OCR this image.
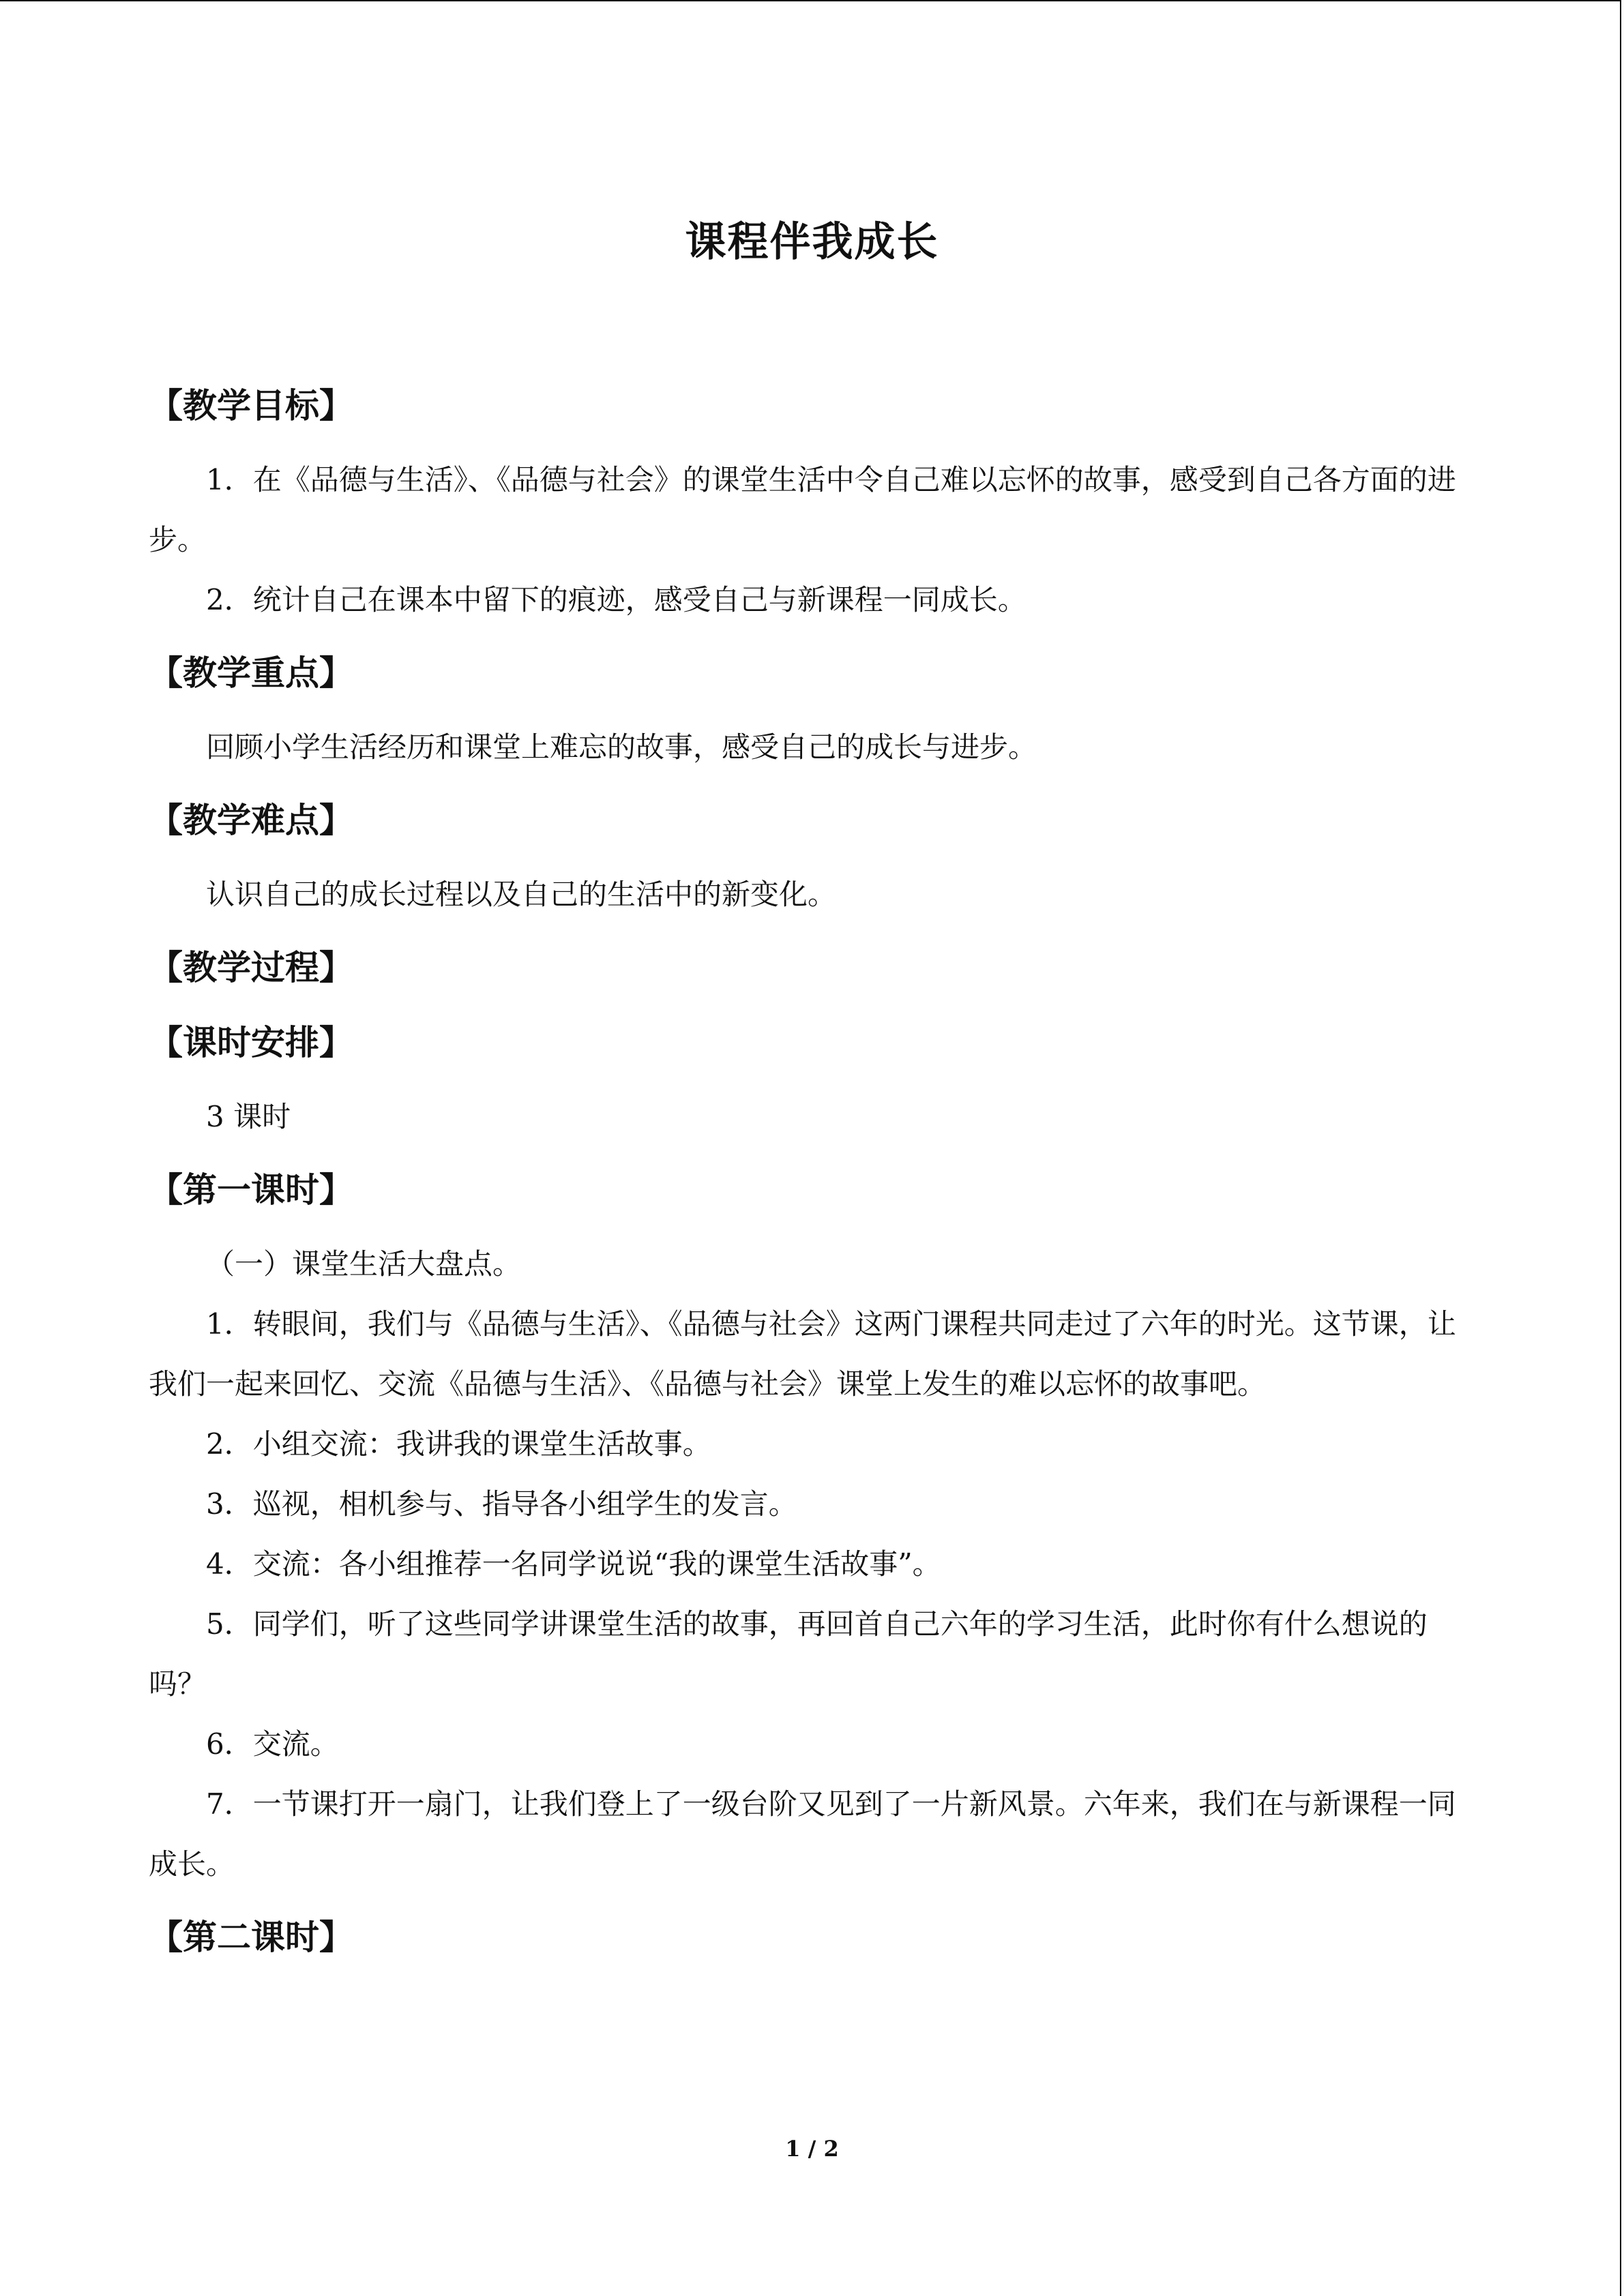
课程伴我成长
【教学目标】

1．在《品德与生活》、《品德与社会》的课堂生活中令自己难以忘怀的故事，感受到自己各方面的进步。

2．统计自己在课本中留下的痕迹，感受自己与新课程一同成长。

【教学重点】

回顾小学生活经历和课堂上难忘的故事，感受自己的成长与进步。

【教学难点】

认识自己的成长过程以及自己的生活中的新变化。

【教学过程】
【课时安排】

3 课时

【第一课时】

（一）课堂生活大盘点。

1．转眼间，我们与《品德与生活》、《品德与社会》这两门课程共同走过了六年的时光。这节课，让我们一起来回忆、交流《品德与生活》、《品德与社会》课堂上发生的难以忘怀的故事吧。

2．小组交流：我讲我的课堂生活故事。

3．巡视，相机参与、指导各小组学生的发言。

4．交流：各小组推荐一名同学说说“我的课堂生活故事”。

5．同学们，听了这些同学讲课堂生活的故事，再回首自己六年的学习生活，此时你有什么想说的吗？

6．交流。

7．一节课打开一扇门，让我们登上了一级台阶又见到了一片新风景。六年来，我们在与新课程一同成长。

【第二课时】
1 / 2
